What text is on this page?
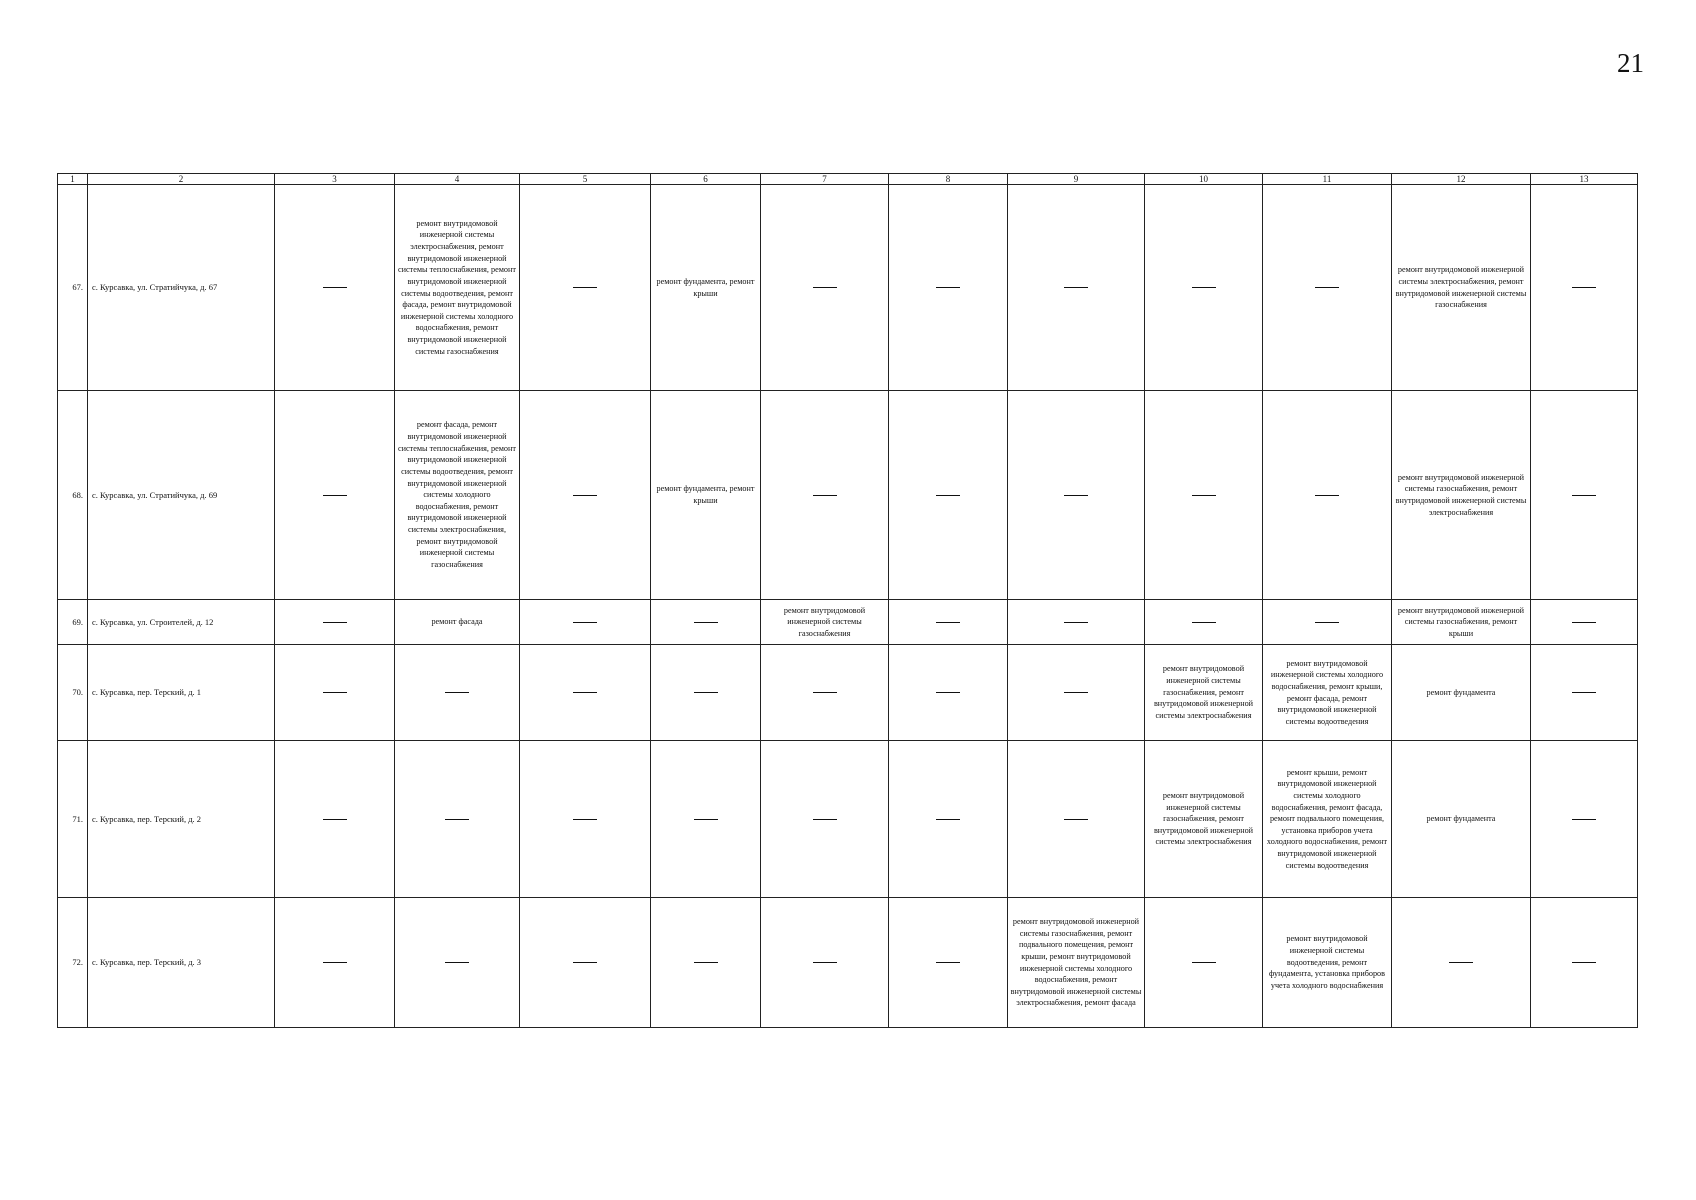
21
1	2	3	4	5	6	7	8	9	10	11	12	13
67.	с. Курсавка, ул. Стратийчука, д. 67		ремонт внутридомовой инженерной системы электроснабжения, ремонт внутридомовой инженерной системы теплоснабжения, ремонт внутридомовой инженерной системы водоотведения, ремонт фасада, ремонт внутридомовой инженерной системы холодного водоснабжения, ремонт внутридомовой инженерной системы газоснабжения		ремонт фундамента, ремонт крыши						ремонт внутридомовой инженерной системы электроснабжения, ремонт внутридомовой инженерной системы газоснабжения	
68.	с. Курсавка, ул. Стратийчука, д. 69		ремонт фасада, ремонт внутридомовой инженерной системы теплоснабжения, ремонт внутридомовой инженерной системы водоотведения, ремонт внутридомовой инженерной системы холодного водоснабжения, ремонт внутридомовой инженерной системы электроснабжения, ремонт внутридомовой инженерной системы газоснабжения		ремонт фундамента, ремонт крыши						ремонт внутридомовой инженерной системы газоснабжения, ремонт внутридомовой инженерной системы электроснабжения	
69.	с. Курсавка, ул. Строителей, д. 12		ремонт фасада			ремонт внутридомовой инженерной системы газоснабжения					ремонт внутридомовой инженерной системы газоснабжения, ремонт крыши	
70.	с. Курсавка, пер. Терский, д. 1								ремонт внутридомовой инженерной системы газоснабжения, ремонт внутридомовой инженерной системы электроснабжения	ремонт внутридомовой инженерной системы холодного водоснабжения, ремонт крыши, ремонт фасада, ремонт внутридомовой инженерной системы водоотведения	ремонт фундамента	
71.	с. Курсавка, пер. Терский, д. 2								ремонт внутридомовой инженерной системы газоснабжения, ремонт внутридомовой инженерной системы электроснабжения	ремонт крыши, ремонт внутридомовой инженерной системы холодного водоснабжения, ремонт фасада, ремонт подвального помещения, установка приборов учета холодного водоснабжения, ремонт внутридомовой инженерной системы водоотведения	ремонт фундамента	
72.	с. Курсавка, пер. Терский, д. 3							ремонт внутридомовой инженерной системы газоснабжения, ремонт подвального помещения, ремонт крыши, ремонт внутридомовой инженерной системы холодного водоснабжения, ремонт внутридомовой инженерной системы электроснабжения, ремонт фасада		ремонт внутридомовой инженерной системы водоотведения, ремонт фундамента, установка приборов учета холодного водоснабжения		
